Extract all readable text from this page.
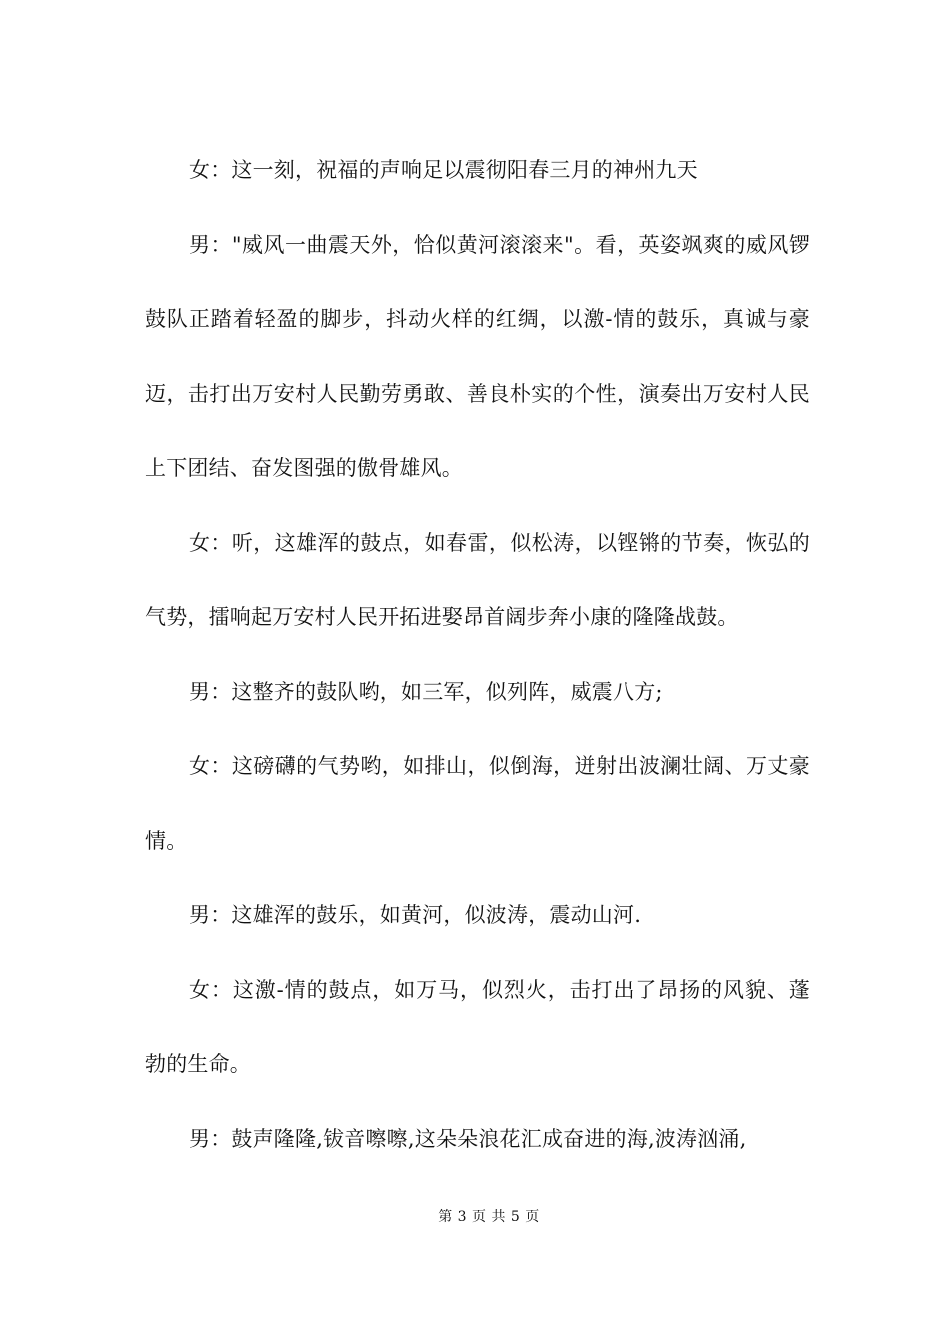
女：这一刻，祝福的声响足以震彻阳春三月的神州九天

男："威风一曲震天外，恰似黄河滚滚来"。看，英姿飒爽的威风锣鼓队正踏着轻盈的脚步，抖动火样的红绸，以激-情的鼓乐，真诚与豪迈，击打出万安村人民勤劳勇敢、善良朴实的个性，演奏出万安村人民上下团结、奋发图强的傲骨雄风。

女：听，这雄浑的鼓点，如春雷，似松涛，以铿锵的节奏，恢弘的气势，擂响起万安村人民开拓进娶昂首阔步奔小康的隆隆战鼓。

男：这整齐的鼓队哟，如三军，似列阵，威震八方;

女：这磅礴的气势哟，如排山，似倒海，迸射出波澜壮阔、万丈豪情。

男：这雄浑的鼓乐，如黄河，似波涛，震动山河.

女：这激-情的鼓点，如万马，似烈火，击打出了昂扬的风貌、蓬勃的生命。

男：鼓声隆隆,钹音嚓嚓,这朵朵浪花汇成奋进的海,波涛汹涌,

第 3 页 共 5 页
